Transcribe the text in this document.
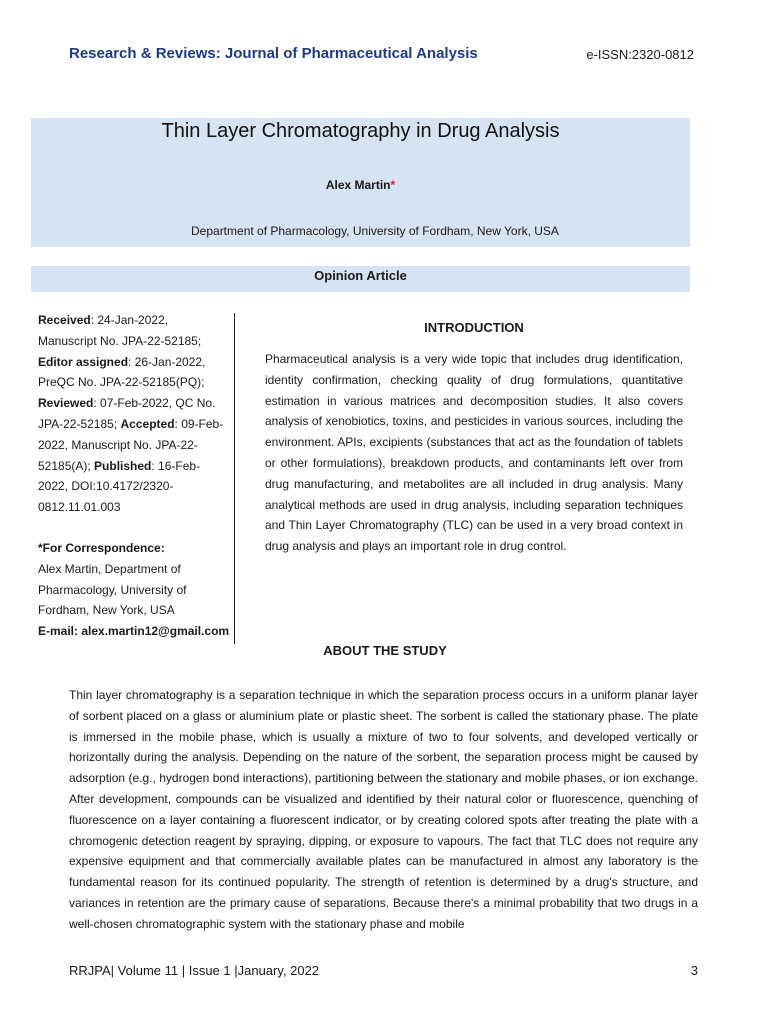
Research & Reviews: Journal of Pharmaceutical Analysis	e-ISSN:2320-0812
Thin Layer Chromatography in Drug Analysis
Alex Martin*
Department of Pharmacology, University of Fordham, New York, USA
Opinion Article
Received: 24-Jan-2022, Manuscript No. JPA-22-52185; Editor assigned: 26-Jan-2022, PreQC No. JPA-22-52185(PQ); Reviewed: 07-Feb-2022, QC No. JPA-22-52185; Accepted: 09-Feb-2022, Manuscript No. JPA-22-52185(A); Published: 16-Feb-2022, DOI:10.4172/2320-0812.11.01.003
*For Correspondence:
Alex Martin, Department of Pharmacology, University of Fordham, New York, USA
E-mail: alex.martin12@gmail.com
INTRODUCTION
Pharmaceutical analysis is a very wide topic that includes drug identification, identity confirmation, checking quality of drug formulations, quantitative estimation in various matrices and decomposition studies. It also covers analysis of xenobiotics, toxins, and pesticides in various sources, including the environment. APIs, excipients (substances that act as the foundation of tablets or other formulations), breakdown products, and contaminants left over from drug manufacturing, and metabolites are all included in drug analysis. Many analytical methods are used in drug analysis, including separation techniques and Thin Layer Chromatography (TLC) can be used in a very broad context in drug analysis and plays an important role in drug control.
ABOUT THE STUDY
Thin layer chromatography is a separation technique in which the separation process occurs in a uniform planar layer of sorbent placed on a glass or aluminium plate or plastic sheet. The sorbent is called the stationary phase. The plate is immersed in the mobile phase, which is usually a mixture of two to four solvents, and developed vertically or horizontally during the analysis. Depending on the nature of the sorbent, the separation process might be caused by adsorption (e.g., hydrogen bond interactions), partitioning between the stationary and mobile phases, or ion exchange. After development, compounds can be visualized and identified by their natural color or fluorescence, quenching of fluorescence on a layer containing a fluorescent indicator, or by creating colored spots after treating the plate with a chromogenic detection reagent by spraying, dipping, or exposure to vapours. The fact that TLC does not require any expensive equipment and that commercially available plates can be manufactured in almost any laboratory is the fundamental reason for its continued popularity. The strength of retention is determined by a drug's structure, and variances in retention are the primary cause of separations. Because there's a minimal probability that two drugs in a well-chosen chromatographic system with the stationary phase and mobile
RRJPA| Volume 11 | Issue 1 |January, 2022	3
